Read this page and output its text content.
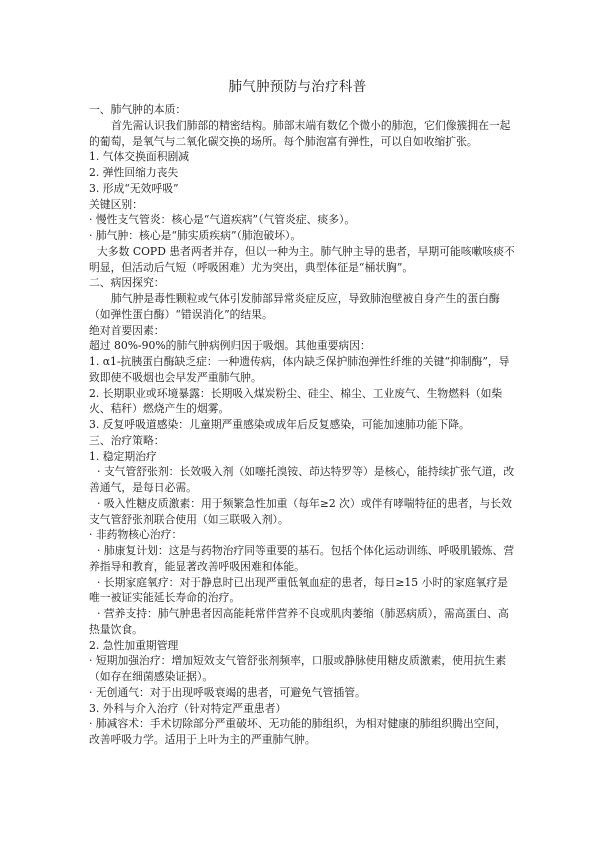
肺气肿预防与治疗科普

一、肺气肿的本质：

首先需认识我们肺部的精密结构。肺部末端有数亿个微小的肺泡，它们像簇拥在一起的葡萄，是氧气与二氧化碳交换的场所。每个肺泡富有弹性，可以自如收缩扩张。

1. 气体交换面积剧减

2. 弹性回缩力丧失

3. 形成“无效呼吸”

关键区别：

· 慢性支气管炎：核心是“气道疾病”（气管炎症、痰多）。

· 肺气肿：核心是“肺实质疾病”（肺泡破坏）。

大多数 COPD 患者两者并存，但以一种为主。肺气肿主导的患者，早期可能咳嗽咳痰不明显，但活动后气短（呼吸困难）尤为突出，典型体征是“桶状胸”。

二、病因探究：

肺气肿是毒性颗粒或气体引发肺部异常炎症反应，导致肺泡壁被自身产生的蛋白酶（如弹性蛋白酶）“错误消化”的结果。

绝对首要因素：

超过 80%-90%的肺气肿病例归因于吸烟。其他重要病因：

1. α1-抗胰蛋白酶缺乏症：一种遗传病，体内缺乏保护肺泡弹性纤维的关键“抑制酶”，导致即使不吸烟也会早发严重肺气肿。

2. 长期职业或环境暴露：长期吸入煤炭粉尘、硅尘、棉尘、工业废气、生物燃料（如柴火、秸秆）燃烧产生的烟雾。

3. 反复呼吸道感染：儿童期严重感染或成年后反复感染，可能加速肺功能下降。

三、治疗策略：

1. 稳定期治疗

· 支气管舒张剂：长效吸入剂（如噻托溴铵、茚达特罗等）是核心，能持续扩张气道，改善通气，是每日必需。

· 吸入性糖皮质激素：用于频繁急性加重（每年≥2 次）或伴有哮喘特征的患者，与长效支气管舒张剂联合使用（如三联吸入剂）。

· 非药物核心治疗：

· 肺康复计划：这是与药物治疗同等重要的基石。包括个体化运动训练、呼吸肌锻炼、营养指导和教育，能显著改善呼吸困难和体能。

· 长期家庭氧疗：对于静息时已出现严重低氧血症的患者，每日≥15 小时的家庭氧疗是唯一被证实能延长寿命的治疗。

· 营养支持：肺气肿患者因高能耗常伴营养不良或肌肉萎缩（肺恶病质），需高蛋白、高热量饮食。

2. 急性加重期管理

· 短期加强治疗：增加短效支气管舒张剂频率，口服或静脉使用糖皮质激素，使用抗生素（如存在细菌感染证据）。

· 无创通气：对于出现呼吸衰竭的患者，可避免气管插管。

3. 外科与介入治疗（针对特定严重患者）

· 肺减容术：手术切除部分严重破坏、无功能的肺组织，为相对健康的肺组织腾出空间，改善呼吸力学。适用于上叶为主的严重肺气肿。
